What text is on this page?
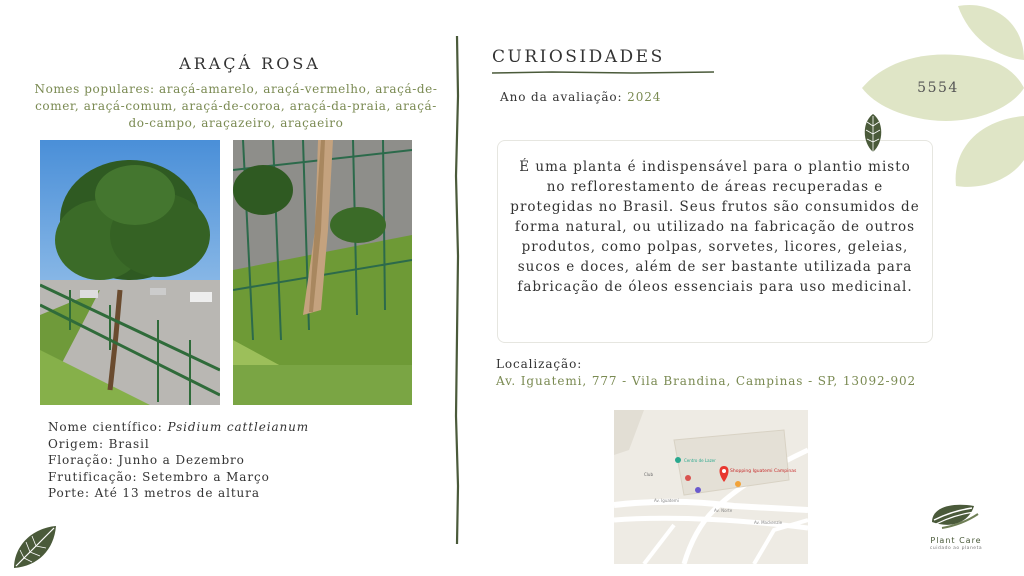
ARAÇÁ ROSA
Nomes populares: araçá-amarelo, araçá-vermelho, araçá-de-comer, araçá-comum, araçá-de-coroa, araçá-da-praia, araçá-do-campo, araçazeiro, araçaeiro
Nome científico: Psidium cattleianum
Origem: Brasil
Floração: Junho a Dezembro
Frutificação: Setembro a Março
Porte: Até 13 metros de altura
CURIOSIDADES
Ano da avaliação: 2024
É uma planta é indispensável para o plantio misto no reflorestamento de áreas recuperadas e protegidas no Brasil. Seus frutos são consumidos de forma natural, ou utilizado na fabricação de outros produtos, como polpas, sorvetes, licores, geleias, sucos e doces, além de ser bastante utilizada para fabricação de óleos essenciais para uso medicinal.
Localização:
Av. Iguatemi, 777 - Vila Brandina, Campinas - SP, 13092-902
Centro de Lazer
Club
Shopping Iguatemi Campinas
Av. Iguatemi
Av. Norte
Av. Mackenzie
5554
Plant Care
cuidado ao planeta
